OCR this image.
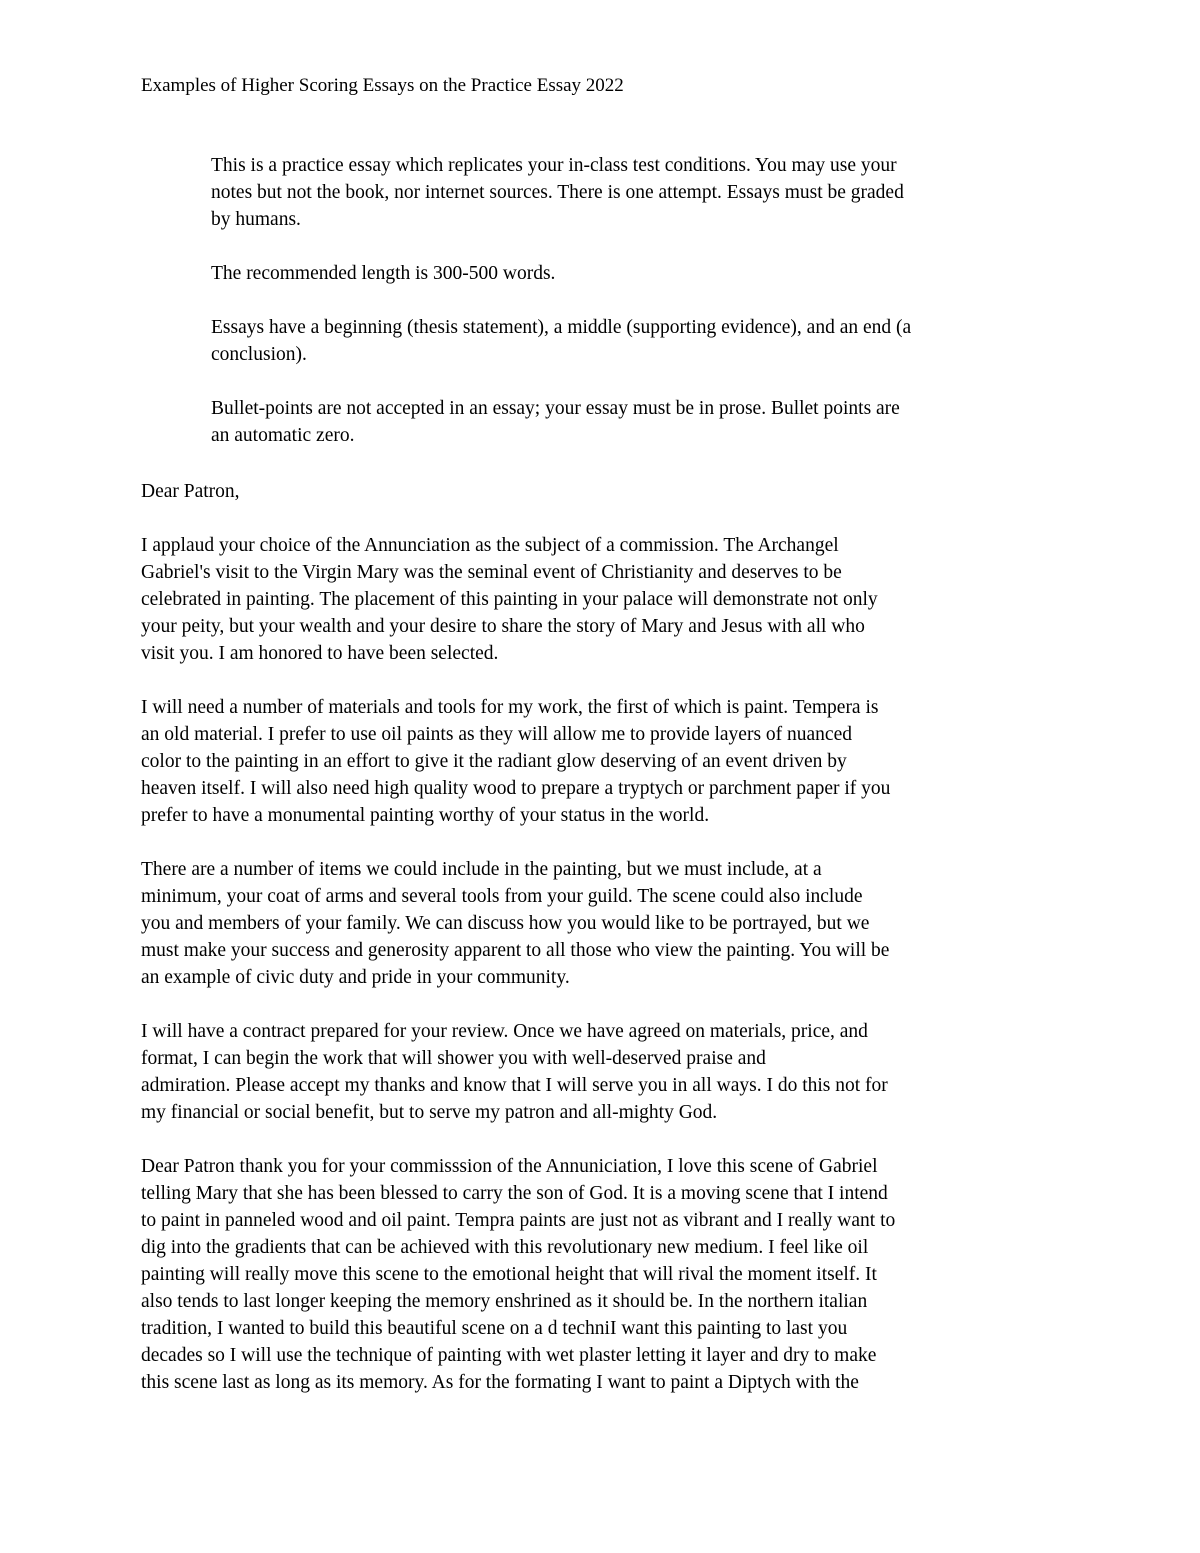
Examples of Higher Scoring Essays on the Practice Essay 2022

This is a practice essay which replicates your in-class test conditions. You may use your
notes but not the book, nor internet sources. There is one attempt. Essays must be graded
by humans.

The recommended length is 300-500 words.

Essays have a beginning (thesis statement), a middle (supporting evidence), and an end (a
conclusion).

Bullet-points are not accepted in an essay; your essay must be in prose. Bullet points are
an automatic zero.

Dear Patron,

I applaud your choice of the Annunciation as the subject of a commission. The Archangel
Gabriel's visit to the Virgin Mary was the seminal event of Christianity and deserves to be
celebrated in painting. The placement of this painting in your palace will demonstrate not only
your peity, but your wealth and your desire to share the story of Mary and Jesus with all who
visit you. I am honored to have been selected.

I will need a number of materials and tools for my work, the first of which is paint. Tempera is
an old material. I prefer to use oil paints as they will allow me to provide layers of nuanced
color to the painting in an effort to give it the radiant glow deserving of an event driven by
heaven itself. I will also need high quality wood to prepare a tryptych or parchment paper if you
prefer to have a monumental painting worthy of your status in the world.

There are a number of items we could include in the painting, but we must include, at a
minimum, your coat of arms and several tools from your guild. The scene could also include
you and members of your family. We can discuss how you would like to be portrayed, but we
must make your success and generosity apparent to all those who view the painting. You will be
an example of civic duty and pride in your community.

I will have a contract prepared for your review. Once we have agreed on materials, price, and
format, I can begin the work that will shower you with well-deserved praise and
admiration. Please accept my thanks and know that I will serve you in all ways. I do this not for
my financial or social benefit, but to serve my patron and all-mighty God.

Dear Patron thank you for your commisssion of the Annuniciation, I love this scene of Gabriel
telling Mary that she has been blessed to carry the son of God. It is a moving scene that I intend
to paint in panneled wood and oil paint. Tempra paints are just not as vibrant and I really want to
dig into the gradients that can be achieved with this revolutionary new medium. I feel like oil
painting will really move this scene to the emotional height that will rival the moment itself. It
also tends to last longer keeping the memory enshrined as it should be. In the northern italian
tradition, I wanted to build this beautiful scene on a d techniI want this painting to last you
decades so I will use the technique of painting with wet plaster letting it layer and dry to make
this scene last as long as its memory. As for the formating I want to paint a Diptych with the
